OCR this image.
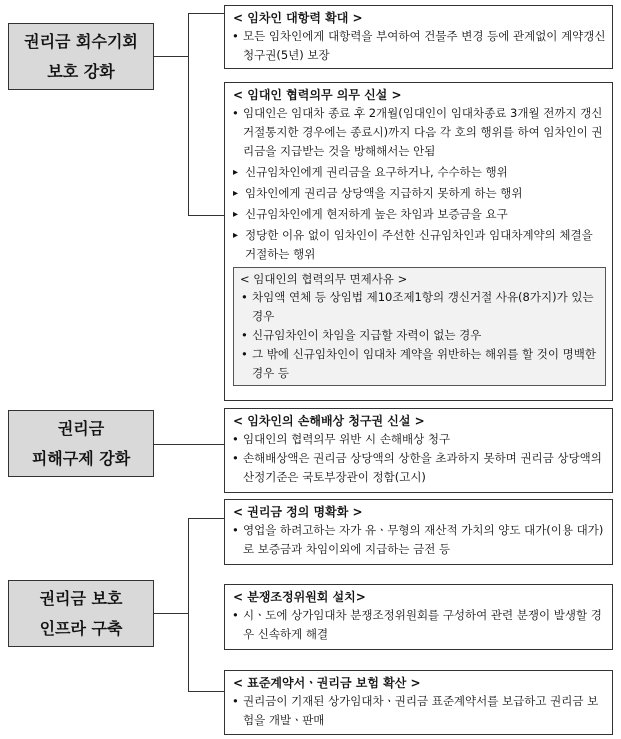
권리금 회수기회
보호 강화
권리금
피해구제 강화
권리금 보호
인프라 구축
< 임차인 대항력 확대 >
• 모든 임차인에게 대항력을 부여하여 건물주 변경 등에 관계없이 계약갱신 청구권(5년) 보장
< 임대인 협력의무 의무 신설 >
• 임대인은 임대차 종료 후 2개월(임대인이 임대차종료 3개월 전까지 갱신거절통지한 경우에는 종료시)까지 다음 각 호의 행위를 하여 임차인이 권리금을 지급받는 것을 방해해서는 안됨
▸ 신규임차인에게 권리금을 요구하거나, 수수하는 행위
▸ 임차인에게 권리금 상당액을 지급하지 못하게 하는 행위
▸ 신규임차인에게 현저하게 높은 차임과 보증금을 요구
▸ 정당한 이유 없이 임차인이 주선한 신규임차인과 임대차계약의 체결을 거절하는 행위
< 임대인의 협력의무 면제사유 >
• 차임액 연체 등 상임법 제10조제1항의 갱신거절 사유(8가지)가 있는 경우
• 신규임차인이 차임을 지급할 자력이 없는 경우
• 그 밖에 신규임차인이 임대차 계약을 위반하는 해위를 할 것이 명백한 경우 등
< 임차인의 손해배상 청구권 신설 >
• 임대인의 협력의무 위반 시 손해배상 청구
• 손해배상액은 권리금 상당액의 상한을 초과하지 못하며 권리금 상당액의 산정기준은 국토부장관이 정함(고시)
< 권리금 정의 명확화 >
• 영업을 하려고하는 자가 유ㆍ무형의 재산적 가치의 양도 대가(이용 대가)로 보증금과 차임이외에 지급하는 금전 등
< 분쟁조정위원회 설치>
• 시ㆍ도에 상가임대차 분쟁조정위원회를 구성하여 관련 분쟁이 발생할 경우 신속하게 해결
< 표준계약서ㆍ권리금 보험 확산 >
• 권리금이 기재된 상가임대차ㆍ권리금 표준계약서를 보급하고 권리금 보험을 개발ㆍ판매
